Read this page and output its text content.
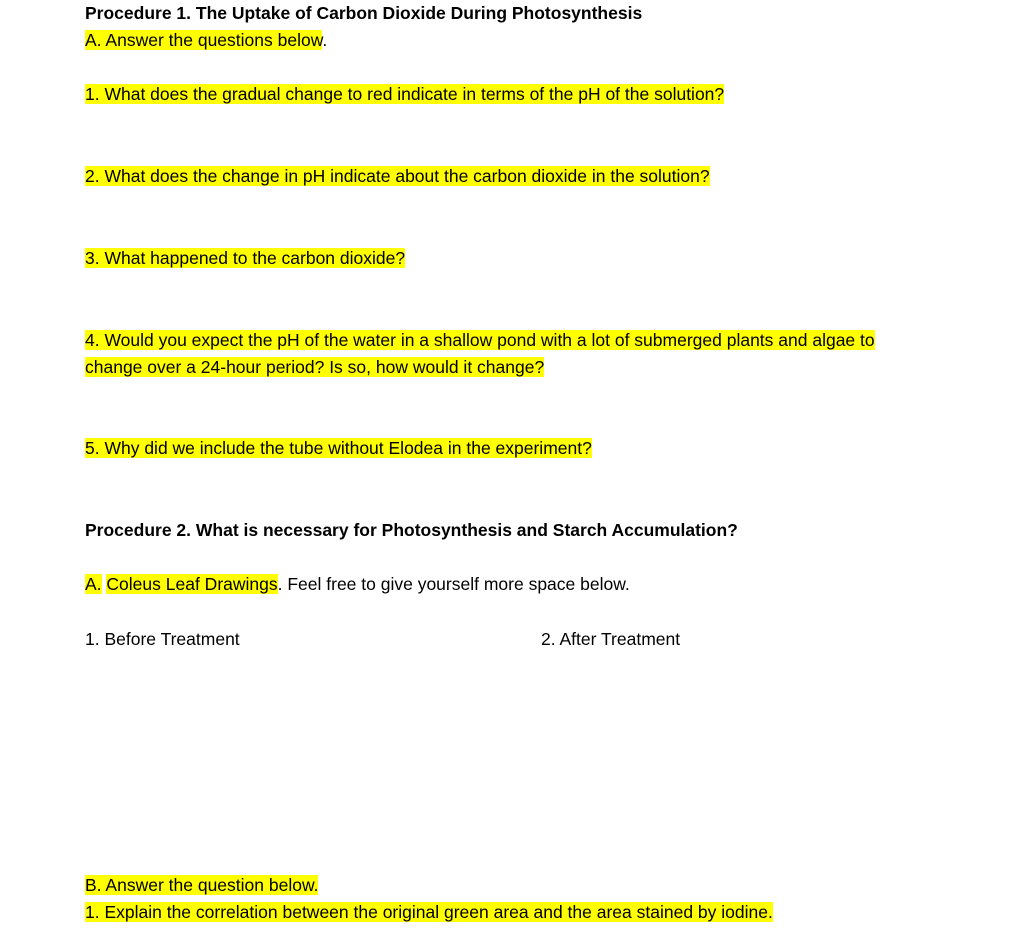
Procedure 1. The Uptake of Carbon Dioxide During Photosynthesis
A. Answer the questions below.
1. What does the gradual change to red indicate in terms of the pH of the solution?
2. What does the change in pH indicate about the carbon dioxide in the solution?
3. What happened to the carbon dioxide?
4. Would you expect the pH of the water in a shallow pond with a lot of submerged plants and algae to
change over a 24-hour period? Is so, how would it change?
5. Why did we include the tube without Elodea in the experiment?
Procedure 2. What is necessary for Photosynthesis and Starch Accumulation?
A. Coleus Leaf Drawings. Feel free to give yourself more space below.
1. Before Treatment	2. After Treatment
B. Answer the question below.
1. Explain the correlation between the original green area and the area stained by iodine.
